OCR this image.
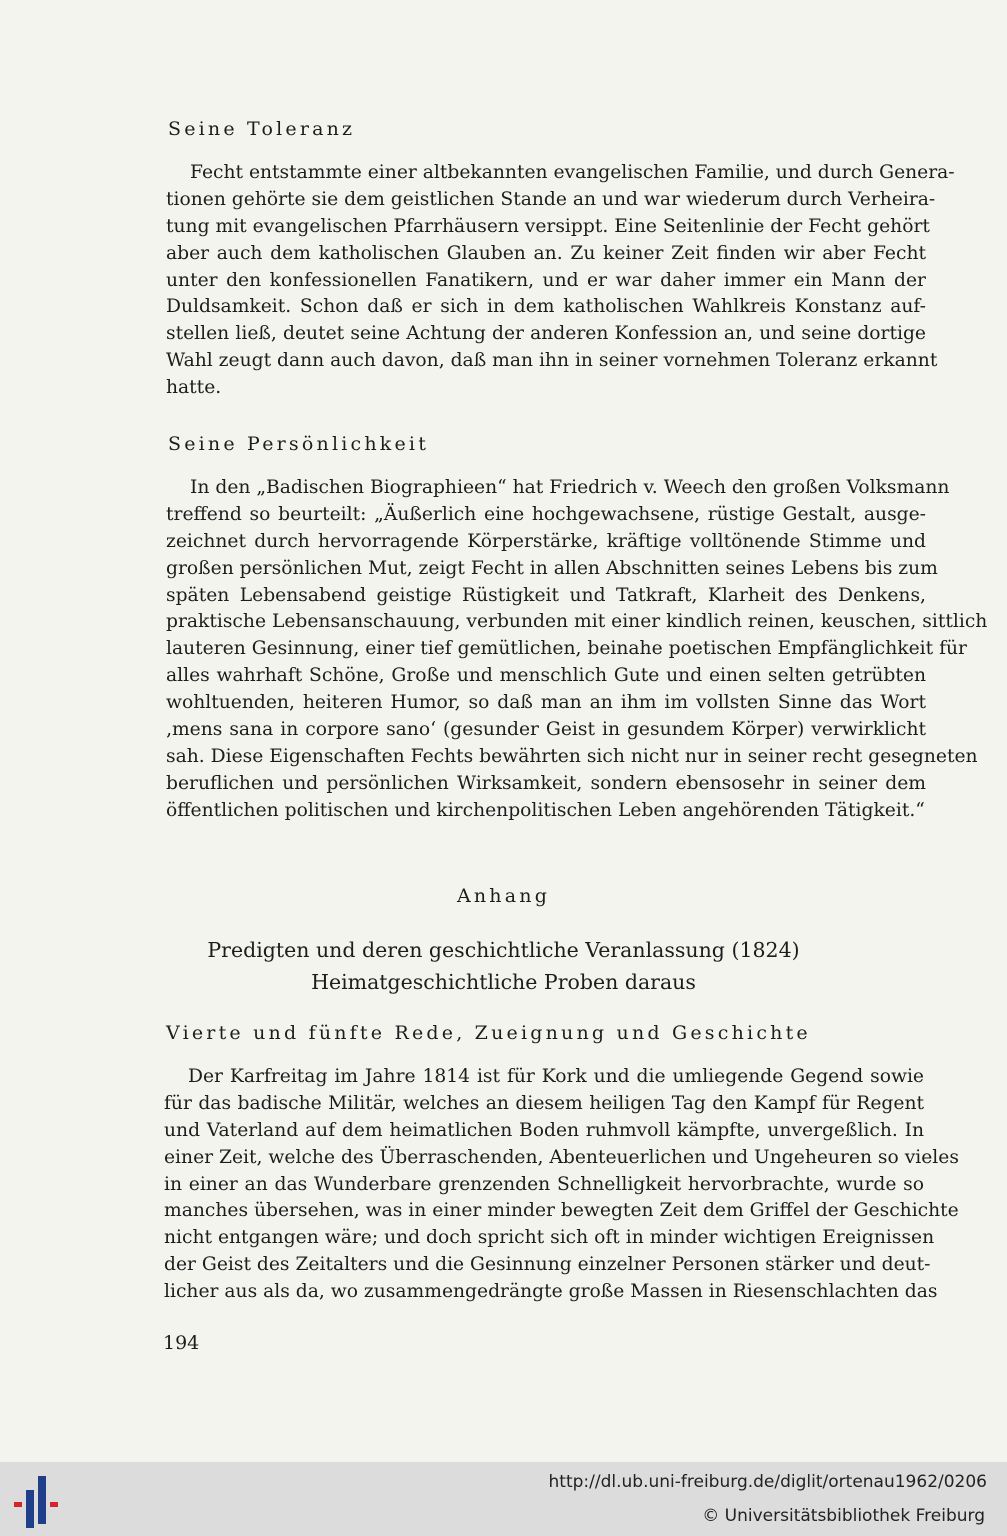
Seine Toleranz
Fecht entstammte einer altbekannten evangelischen Familie, und durch Genera-
tionen gehörte sie dem geistlichen Stande an und war wiederum durch Verheira-
tung mit evangelischen Pfarrhäusern versippt. Eine Seitenlinie der Fecht gehört
aber auch dem katholischen Glauben an. Zu keiner Zeit finden wir aber Fecht
unter den konfessionellen Fanatikern, und er war daher immer ein Mann der
Duldsamkeit. Schon daß er sich in dem katholischen Wahlkreis Konstanz auf-
stellen ließ, deutet seine Achtung der anderen Konfession an, und seine dortige
Wahl zeugt dann auch davon, daß man ihn in seiner vornehmen Toleranz erkannt
hatte.
Seine Persönlichkeit
In den „Badischen Biographieen“ hat Friedrich v. Weech den großen Volksmann
treffend so beurteilt: „Äußerlich eine hochgewachsene, rüstige Gestalt, ausge-
zeichnet durch hervorragende Körperstärke, kräftige volltönende Stimme und
großen persönlichen Mut, zeigt Fecht in allen Abschnitten seines Lebens bis zum
späten Lebensabend geistige Rüstigkeit und Tatkraft, Klarheit des Denkens,
praktische Lebensanschauung, verbunden mit einer kindlich reinen, keuschen, sittlich
lauteren Gesinnung, einer tief gemütlichen, beinahe poetischen Empfänglichkeit für
alles wahrhaft Schöne, Große und menschlich Gute und einen selten getrübten
wohltuenden, heiteren Humor, so daß man an ihm im vollsten Sinne das Wort
‚mens sana in corpore sano‘ (gesunder Geist in gesundem Körper) verwirklicht
sah. Diese Eigenschaften Fechts bewährten sich nicht nur in seiner recht gesegneten
beruflichen und persönlichen Wirksamkeit, sondern ebensosehr in seiner dem
öffentlichen politischen und kirchenpolitischen Leben angehörenden Tätigkeit.“
Anhang
Predigten und deren geschichtliche Veranlassung (1824)
Heimatgeschichtliche Proben daraus
Vierte und fünfte Rede, Zueignung und Geschichte
Der Karfreitag im Jahre 1814 ist für Kork und die umliegende Gegend sowie
für das badische Militär, welches an diesem heiligen Tag den Kampf für Regent
und Vaterland auf dem heimatlichen Boden ruhmvoll kämpfte, unvergeßlich. In
einer Zeit, welche des Überraschenden, Abenteuerlichen und Ungeheuren so vieles
in einer an das Wunderbare grenzenden Schnelligkeit hervorbrachte, wurde so
manches übersehen, was in einer minder bewegten Zeit dem Griffel der Geschichte
nicht entgangen wäre; und doch spricht sich oft in minder wichtigen Ereignissen
der Geist des Zeitalters und die Gesinnung einzelner Personen stärker und deut-
licher aus als da, wo zusammengedrängte große Massen in Riesenschlachten das
194
http://dl.ub.uni-freiburg.de/diglit/ortenau1962/0206
© Universitätsbibliothek Freiburg
